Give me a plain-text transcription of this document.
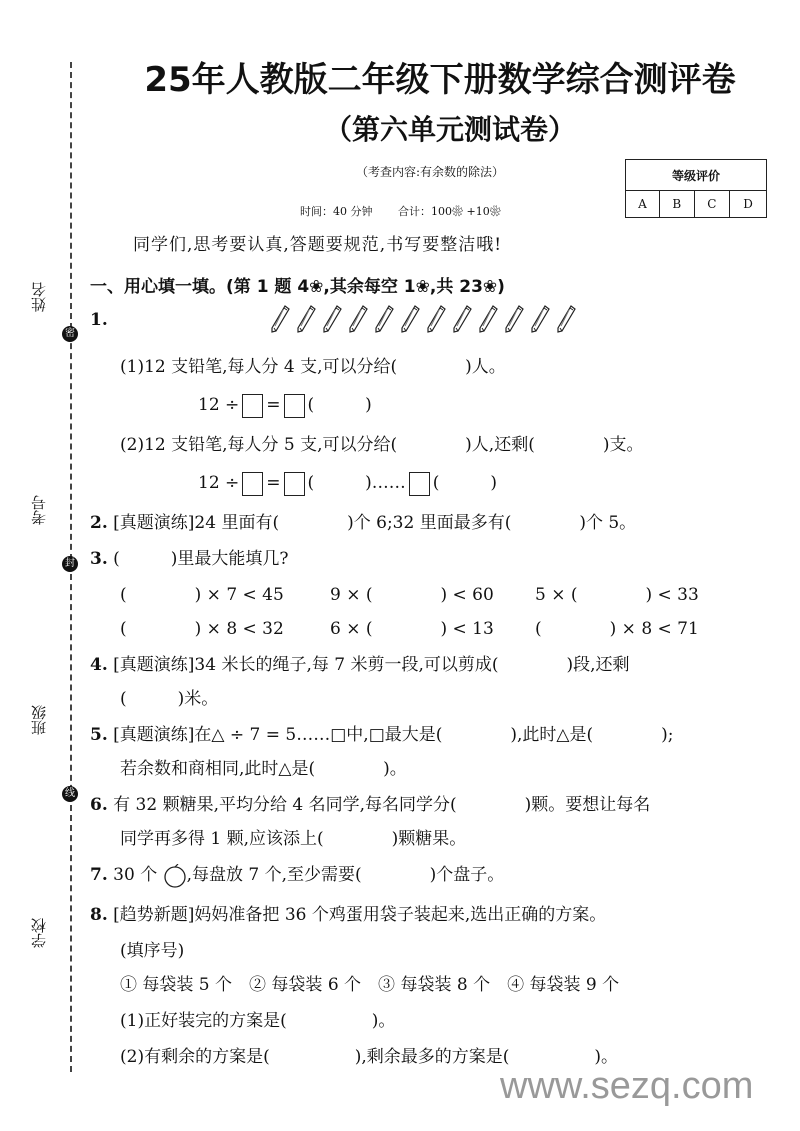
姓名
考号
班级
学校
密
封
线
25年人教版二年级下册数学综合测评卷
（第六单元测试卷）
（考查内容:有余数的除法）
时间：40 分钟 合计：100❀ +10❀
等级评价
A	B	C	D
同学们,思考要认真,答题要规范,书写要整洁哦!
一、用心填一填。(第 1 题 4❀,其余每空 1❀,共 23❀)
1.
(1)12 支铅笔,每人分 4 支,可以分给(　　　　)人。
12 ÷ = (　　　)
(2)12 支铅笔,每人分 5 支,可以分给(　　　　)人,还剩(　　　　)支。
12 ÷ = (　　　)…… (　　　)
2. [真题演练]24 里面有(　　　　)个 6;32 里面最多有(　　　　)个 5。
3. (　　　)里最大能填几?
(　　　　) × 7 < 45	9 × (　　　　) < 60 5 × (　　　　) < 33
(　　　　) × 8 < 32	6 × (　　　　) < 13 (　　　　) × 8 < 71
4. [真题演练]34 米长的绳子,每 7 米剪一段,可以剪成(　　　　)段,还剩
(　　　)米。
5. [真题演练]在△ ÷ 7 = 5……□中,□最大是(　　　　),此时△是(　　　　);
若余数和商相同,此时△是(　　　　)。
6. 有 32 颗糖果,平均分给 4 名同学,每名同学分(　　　　)颗。要想让每名
同学再多得 1 颗,应该添上(　　　　)颗糖果。
7. 30 个 ,每盘放 7 个,至少需要(　　　　)个盘子。
8. [趋势新题]妈妈准备把 36 个鸡蛋用袋子装起来,选出正确的方案。
(填序号)
① 每袋装 5 个　② 每袋装 6 个　③ 每袋装 8 个　④ 每袋装 9 个
(1)正好装完的方案是(　　　　　)。
(2)有剩余的方案是(　　　　　),剩余最多的方案是(　　　　　)。
www.sezq.com
